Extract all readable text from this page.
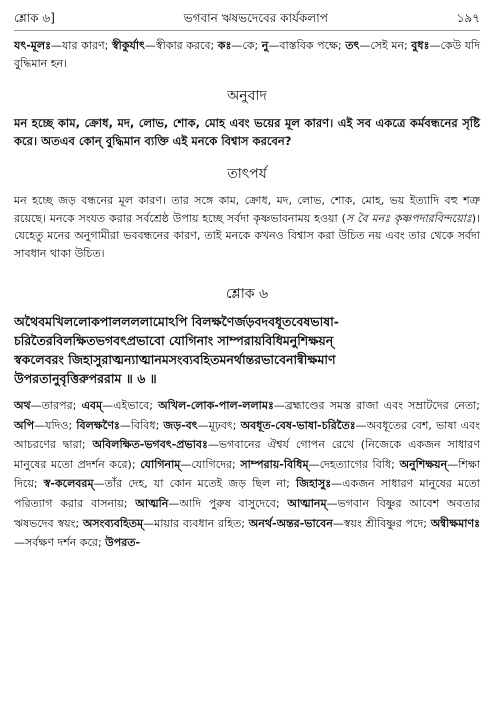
শ্লোক ৬]	ভগবান ঋষভদেবের কার্যকলাপ	১৯৭
যৎ-মূলঃ—যার কারণ; স্বীকুর্যাৎ—স্বীকার করবে; কঃ—কে; নু—বাস্তবিক পক্ষে; তৎ—সেই মন; বুধঃ—কেউ যদি বুদ্ধিমান হন।
অনুবাদ
মন হচ্ছে কাম, ক্রোধ, মদ, লোভ, শোক, মোহ এবং ভয়ের মূল কারণ। এই সব একত্রে কর্মবন্ধনের সৃষ্টি করে। অতএব কোন্ বুদ্ধিমান ব্যক্তি এই মনকে বিশ্বাস করবেন?
তাৎপর্য
মন হচ্ছে জড় বন্ধনের মূল কারণ। তার সঙ্গে কাম, ক্রোধ, মদ, লোভ, শোক, মোহ, ভয় ইত্যাদি বহু শত্রু রয়েছে। মনকে সংযত করার সর্বশ্রেষ্ঠ উপায় হচ্ছে সর্বদা কৃষ্ণভাবনাময় হওয়া (স বৈ মনঃ কৃষ্ণপদারবিন্দয়োঃ)। যেহেতু মনের অনুগামীরা ভববন্ধনের কারণ, তাই মনকে কখনও বিশ্বাস করা উচিত নয় এবং তার থেকে সর্বদা সাবধান থাকা উচিত।
শ্লোক ৬
অথৈবমখিললোকপাললললামোঽপি বিলক্ষণৈর্জড়বদবধূতবেষভাষা-
চরিতৈরবিলক্ষিতভগবৎপ্রভাবো যোগিনাং সাম্পরায়বিধিমনুশিক্ষয়ন্
স্বকলেবরং জিহাসুরাত্মন্যাত্মানমসংব্যবহিতমনর্থান্তরভাবেনান্বীক্ষমাণ
উপরতানুবৃত্তিরুপররাম ॥ ৬ ॥
অথ—তারপর; এবম্—এইভাবে; অখিল-লোক-পাল-ললামঃ—ব্রহ্মাণ্ডের সমস্ত রাজা এবং সম্রাটদের নেতা; অপি—যদিও; বিলক্ষণৈঃ—বিবিধ; জড়-বৎ—মূঢ়বৎ; অবধূত-বেষ-ভাষা-চরিতৈঃ—অবধূতের বেশ, ভাষা এবং আচরণের দ্বারা; অবিলক্ষিত-ভগবৎ-প্রভাবঃ—ভগবানের ঐশ্বর্য গোপন রেখে (নিজেকে একজন সাধারণ মানুষের মতো প্রদর্শন করে); যোগিনাম্—যোগিদের; সাম্পরায়-বিধিম্—দেহত্যাগের বিধি; অনুশিক্ষয়ন্—শিক্ষা দিয়ে; স্ব-কলেবরম্—তাঁর দেহ, যা কোন মতেই জড় ছিল না; জিহাসুঃ—একজন সাধারণ মানুষের মতো পরিত্যাগ করার বাসনায়; আত্মনি—আদি পুরুষ বাসুদেবে; আত্মানম্—ভগবান বিষ্ণুর আবেশ অবতার ঋষভদেব স্বয়ং; অসংব্যবহিতম্—মায়ার ব্যবধান রহিত; অনর্থ-অন্তর-ভাবেন—স্বয়ং শ্রীবিষ্ণুর পদে; অন্বীক্ষমাণঃ—সর্বক্ষণ দর্শন করে; উপরত-
